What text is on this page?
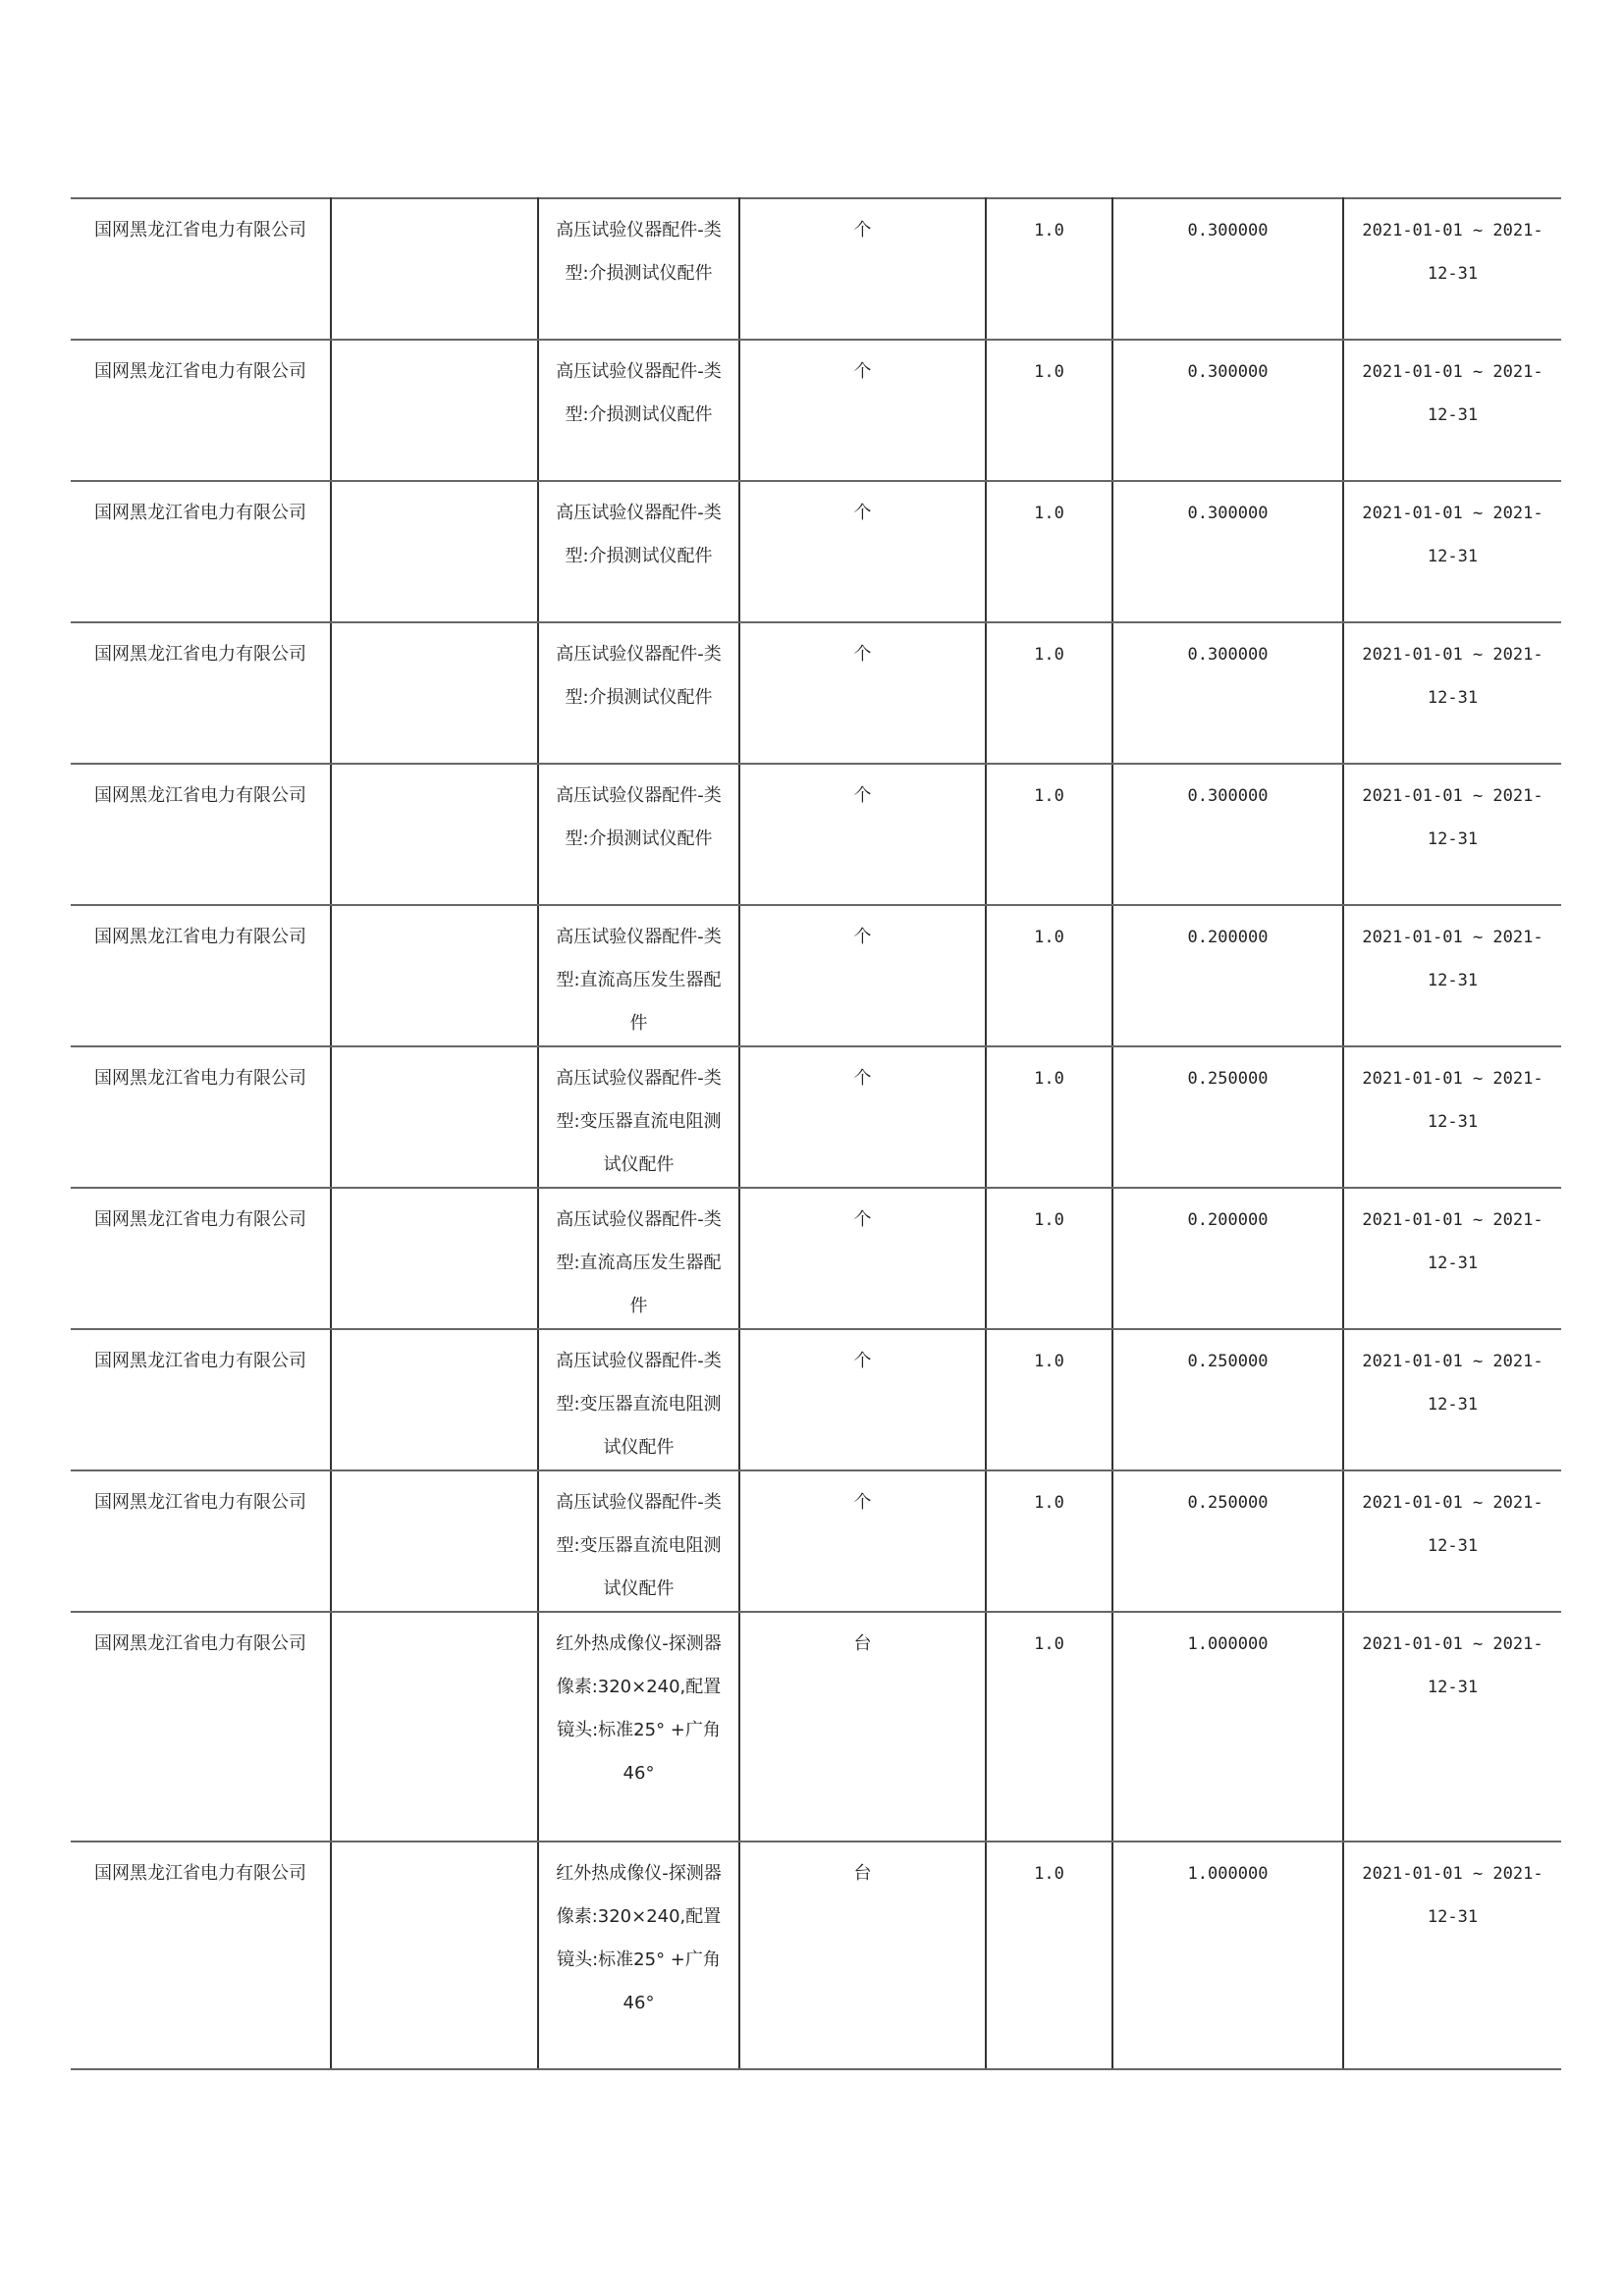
国网黑龙江省电力有限公司		高压试验仪器配件-类型:介损测试仪配件	个	1.0	0.300000	2021-01-01 ~ 2021-12-31
国网黑龙江省电力有限公司		高压试验仪器配件-类型:介损测试仪配件	个	1.0	0.300000	2021-01-01 ~ 2021-12-31
国网黑龙江省电力有限公司		高压试验仪器配件-类型:介损测试仪配件	个	1.0	0.300000	2021-01-01 ~ 2021-12-31
国网黑龙江省电力有限公司		高压试验仪器配件-类型:介损测试仪配件	个	1.0	0.300000	2021-01-01 ~ 2021-12-31
国网黑龙江省电力有限公司		高压试验仪器配件-类型:介损测试仪配件	个	1.0	0.300000	2021-01-01 ~ 2021-12-31
国网黑龙江省电力有限公司		高压试验仪器配件-类型:直流高压发生器配件	个	1.0	0.200000	2021-01-01 ~ 2021-12-31
国网黑龙江省电力有限公司		高压试验仪器配件-类型:变压器直流电阻测试仪配件	个	1.0	0.250000	2021-01-01 ~ 2021-12-31
国网黑龙江省电力有限公司		高压试验仪器配件-类型:直流高压发生器配件	个	1.0	0.200000	2021-01-01 ~ 2021-12-31
国网黑龙江省电力有限公司		高压试验仪器配件-类型:变压器直流电阻测试仪配件	个	1.0	0.250000	2021-01-01 ~ 2021-12-31
国网黑龙江省电力有限公司		高压试验仪器配件-类型:变压器直流电阻测试仪配件	个	1.0	0.250000	2021-01-01 ~ 2021-12-31
国网黑龙江省电力有限公司		红外热成像仪-探测器像素:320×240,配置镜头:标准25° +广角46°	台	1.0	1.000000	2021-01-01 ~ 2021-12-31
国网黑龙江省电力有限公司		红外热成像仪-探测器像素:320×240,配置镜头:标准25° +广角46°	台	1.0	1.000000	2021-01-01 ~ 2021-12-31
